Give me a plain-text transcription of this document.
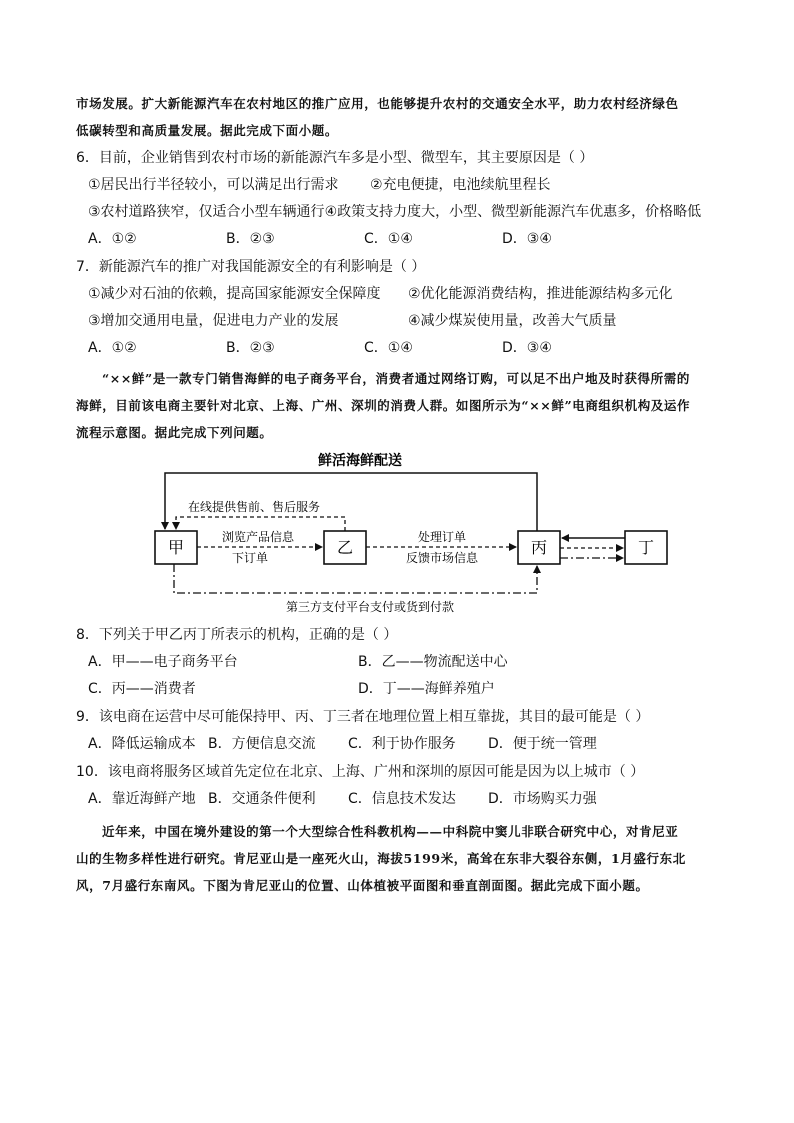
市场发展。扩大新能源汽车在农村地区的推广应用，也能够提升农村的交通安全水平，助力农村经济绿色

低碳转型和高质量发展。据此完成下面小题。

6．目前，企业销售到农村市场的新能源汽车多是小型、微型车，其主要原因是（ ）

①居民出行半径较小，可以满足出行需求 ②充电便捷，电池续航里程长

③农村道路狭窄，仅适合小型车辆通行④政策支持力度大，小型、微型新能源汽车优惠多，价格略低

A．①②	B．②③	C．①④	D．③④

7．新能源汽车的推广对我国能源安全的有利影响是（ ）

①减少对石油的依赖，提高国家能源安全保障度 ②优化能源消费结构，推进能源结构多元化

③增加交通用电量，促进电力产业的发展	④减少煤炭使用量，改善大气质量

A．①②	B．②③	C．①④	D．③④

“××鲜”是一款专门销售海鲜的电子商务平台，消费者通过网络订购，可以足不出户地及时获得所需的

海鲜，目前该电商主要针对北京、上海、广州、深圳的消费人群。如图所示为“××鲜”电商组织机构及运作

流程示意图。据此完成下列问题。

鲜活海鲜配送
在线提供售前、售后服务
甲	乙	丙	丁
浏览产品信息
下订单
处理订单
反馈市场信息
第三方支付平台支付或货到付款

8．下列关于甲乙丙丁所表示的机构，正确的是（ ）

A．甲——电子商务平台	B．乙——物流配送中心

C．丙——消费者	D．丁——海鲜养殖户

9．该电商在运营中尽可能保持甲、丙、丁三者在地理位置上相互靠拢，其目的最可能是（ ）

A．降低运输成本 B．方便信息交流 C．利于协作服务 D．便于统一管理

10．该电商将服务区域首先定位在北京、上海、广州和深圳的原因可能是因为以上城市（ ）

A．靠近海鲜产地 B．交通条件便利 C．信息技术发达 D．市场购买力强

近年来，中国在境外建设的第一个大型综合性科教机构——中科院中窦儿非联合研究中心，对肯尼亚

山的生物多样性进行研究。肯尼亚山是一座死火山，海拔5199米，高耸在东非大裂谷东侧，1月盛行东北

风，7月盛行东南风。下图为肯尼亚山的位置、山体植被平面图和垂直剖面图。据此完成下面小题。
